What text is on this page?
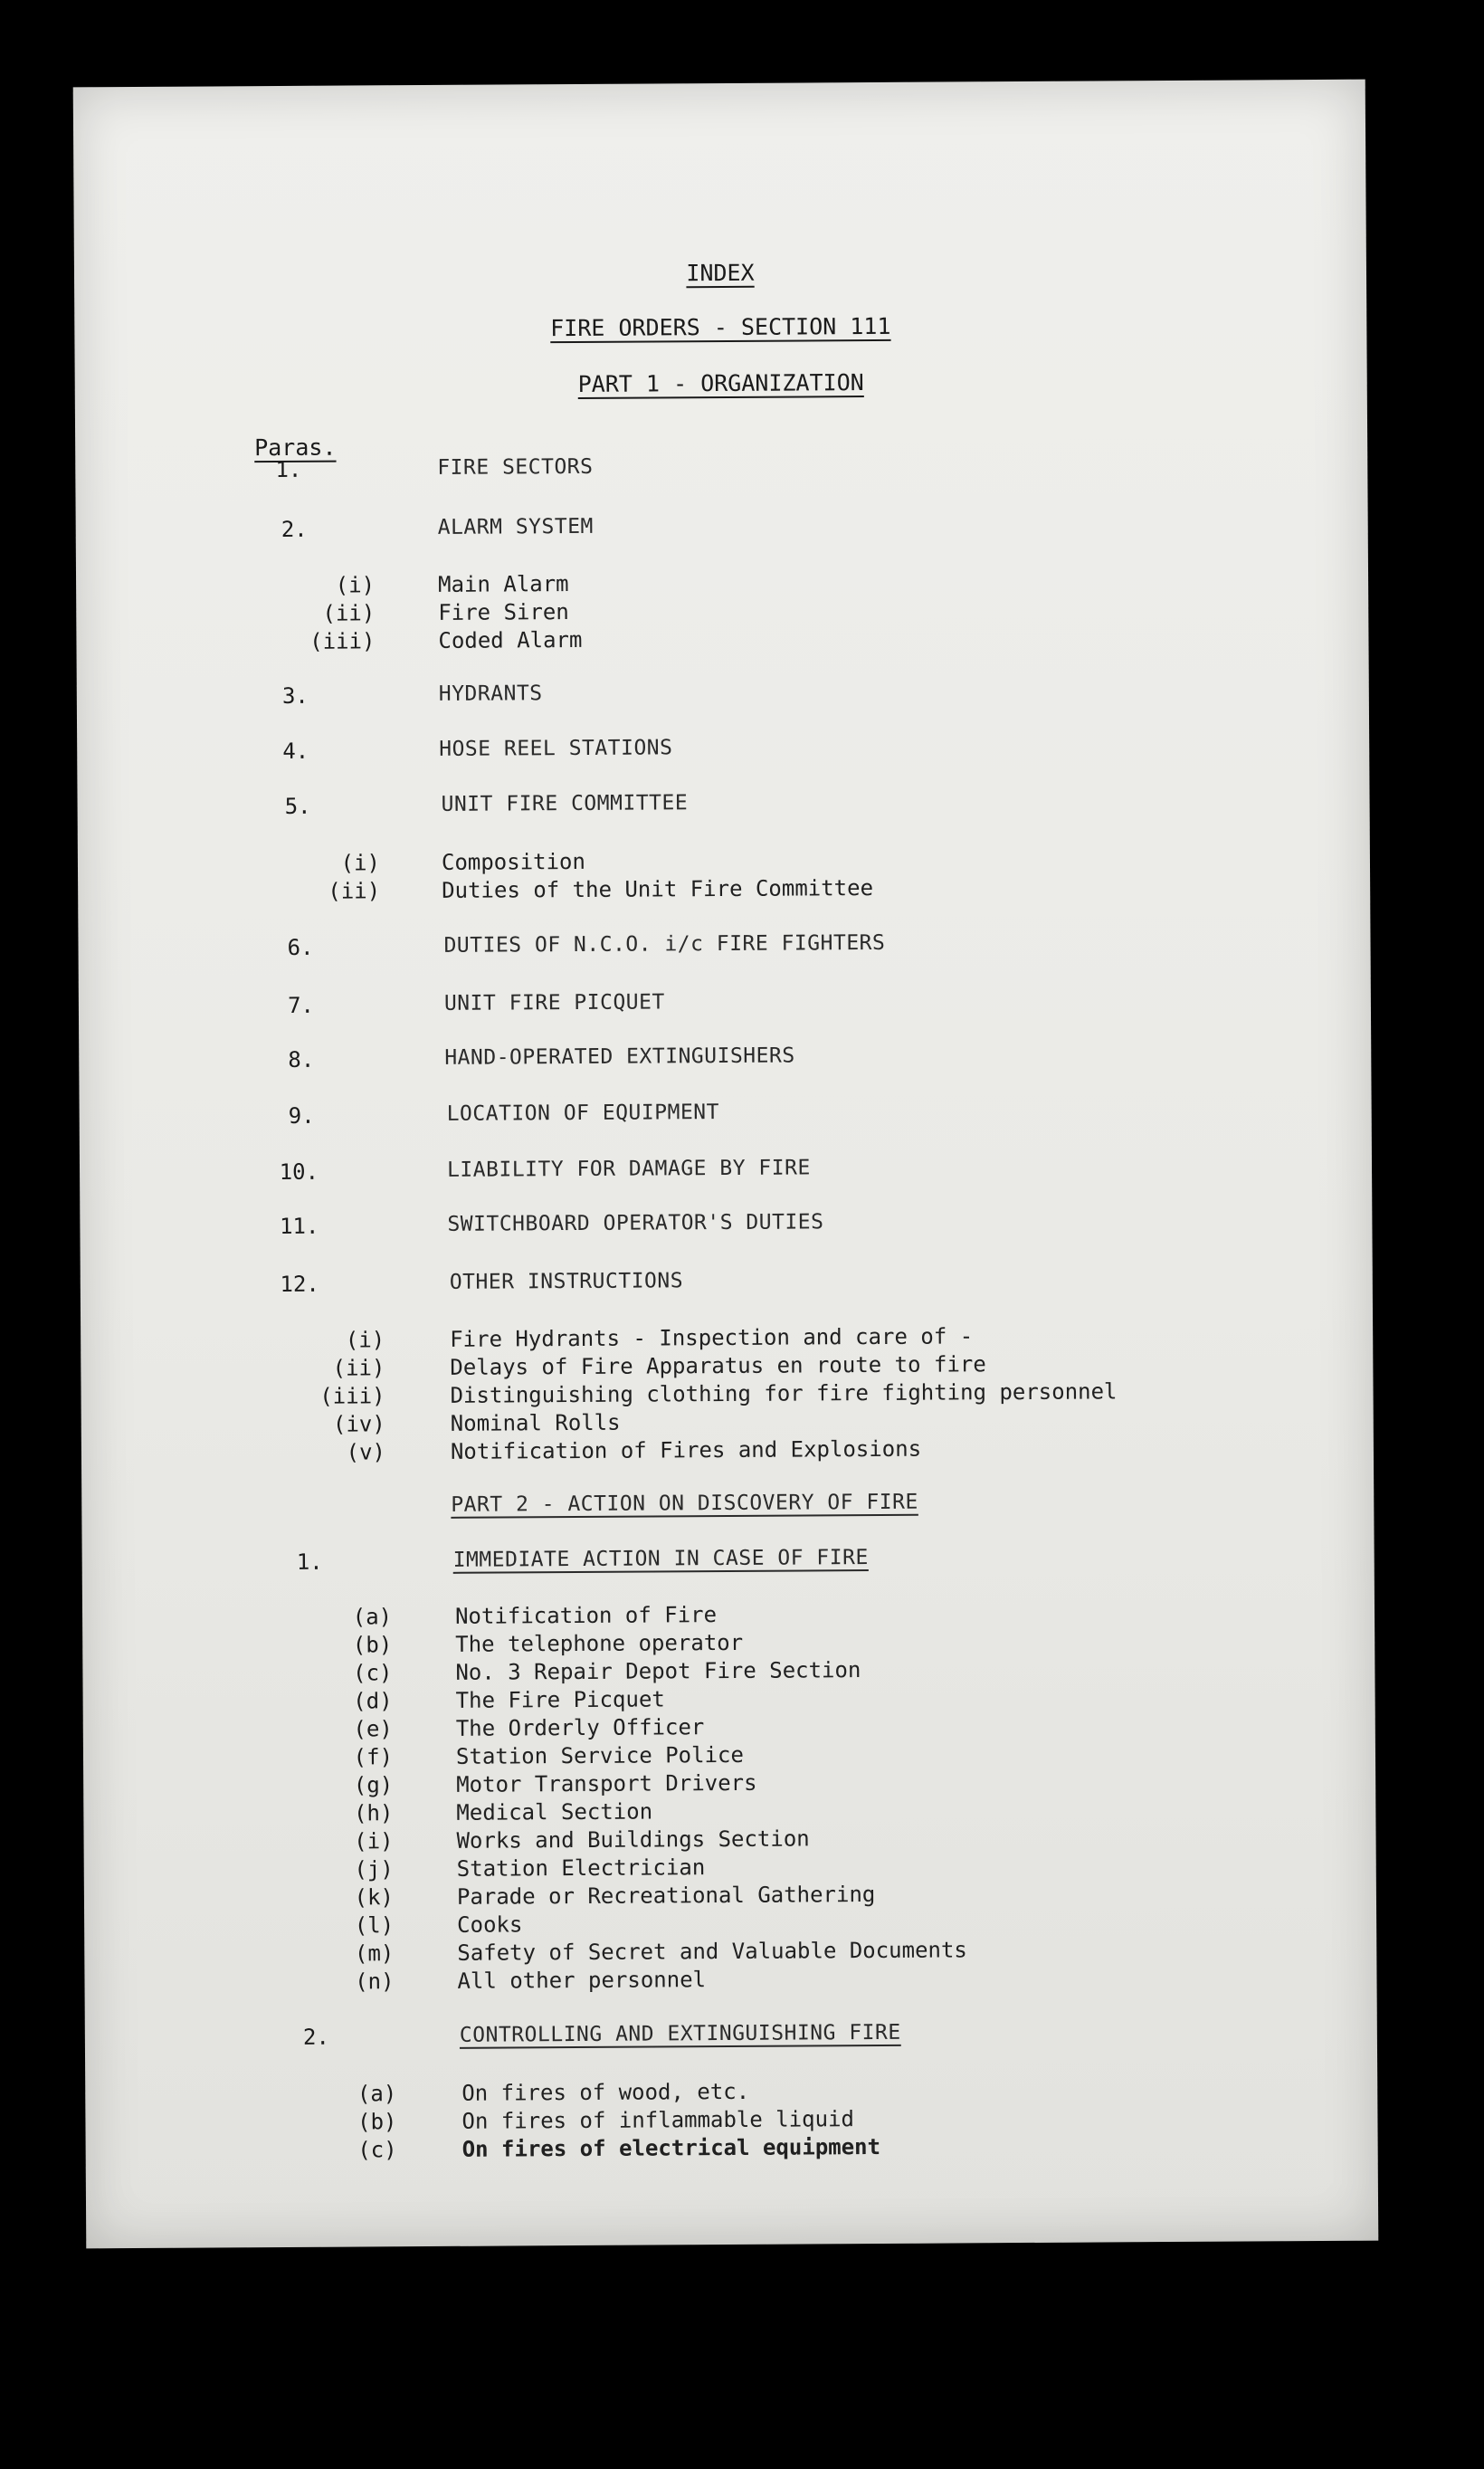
INDEX
FIRE ORDERS - SECTION 111
PART 1 - ORGANIZATION
Paras.
1.	FIRE SECTORS
2.	ALARM SYSTEM
(i)	Main Alarm
(ii)	Fire Siren
(iii)	Coded Alarm
3.	HYDRANTS
4.	HOSE REEL STATIONS
5.	UNIT FIRE COMMITTEE
(i)	Composition
(ii)	Duties of the Unit Fire Committee
6.	DUTIES OF N.C.O. i/c FIRE FIGHTERS
7.	UNIT FIRE PICQUET
8.	HAND-OPERATED EXTINGUISHERS
9.	LOCATION OF EQUIPMENT
10.	LIABILITY FOR DAMAGE BY FIRE
11.	SWITCHBOARD OPERATOR'S DUTIES
12.	OTHER INSTRUCTIONS
(i)	Fire Hydrants - Inspection and care of -
(ii)	Delays of Fire Apparatus en route to fire
(iii)	Distinguishing clothing for fire fighting personnel
(iv)	Nominal Rolls
(v)	Notification of Fires and Explosions
PART 2 - ACTION ON DISCOVERY OF FIRE
1.	IMMEDIATE ACTION IN CASE OF FIRE
(a)	Notification of Fire
(b)	The telephone operator
(c)	No. 3 Repair Depot Fire Section
(d)	The Fire Picquet
(e)	The Orderly Officer
(f)	Station Service Police
(g)	Motor Transport Drivers
(h)	Medical Section
(i)	Works and Buildings Section
(j)	Station Electrician
(k)	Parade or Recreational Gathering
(l)	Cooks
(m)	Safety of Secret and Valuable Documents
(n)	All other personnel
2.	CONTROLLING AND EXTINGUISHING FIRE
(a)	On fires of wood, etc.
(b)	On fires of inflammable liquid
(c)	On fires of electrical equipment
